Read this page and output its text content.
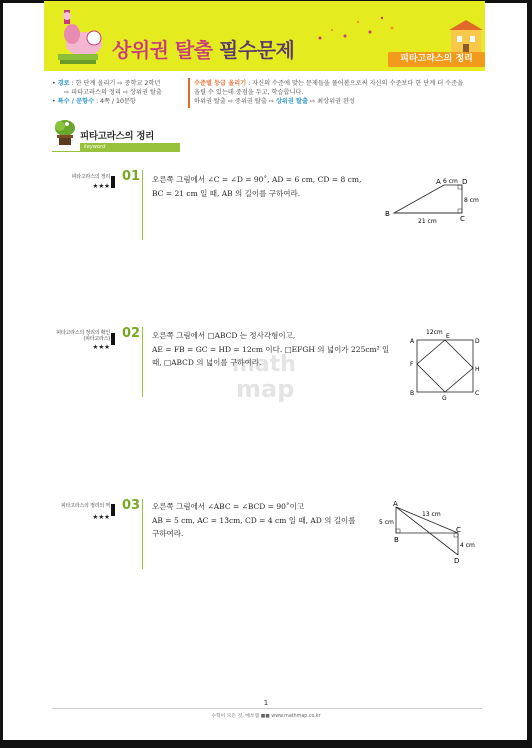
상위권 탈출 필수문제	피타고라스의 정리
• 경로 : 한 단계 올리기 ⇨ 중학교 2학년
⇨ 피타고라스의 정리 ⇨ 상위권 탈출
• 특수 / 문항수 : 4쪽 / 10문항
수준별 등급 올리기 : 자신의 수준에 맞는 문제들을 풀어봄으로써 자신의 수준보다 한 단계 더 수준을
올릴 수 있는데 중점을 두고, 학습합니다.
하위권 탈출 ⇨ 중위권 탈출 ⇨ 상위권 탈출 ⇨ 최상위권 완성
피타고라스의 정리
keyword
피타고라스의 정리
★★★
01 오른쪽 그림에서 ∠C = ∠D = 90˚, AD = 6 cm, CD = 8 cm,
BC = 21 cm 일 때, AB 의 길이를 구하여라.
A
B
C
D
6 cm
8 cm
21 cm
피타고라스의 정리의 확인
(피타고라스)
★★★
02 오른쪽 그림에서 □ABCD 는 정사각형이고,
AE = FB = GC = HD = 12cm 이다. □EFGH 의 넓이가 225cm² 일
때, □ABCD 의 넓이를 구하여라.
A
B	C
D
E
F
G
H
12cm
피타고라스의 정리의 역
★★★
03 오른쪽 그림에서 ∠ABC = ∠BCD = 90˚이고
AB = 5 cm, AC = 13cm, CD = 4 cm 일 때, AD 의 길이를
구하여라.
A
B
C
D
5 cm
13 cm
4 cm
math
map
1
수학이 모든 것, 매쓰맵 ■■ www.mathmap.co.kr
